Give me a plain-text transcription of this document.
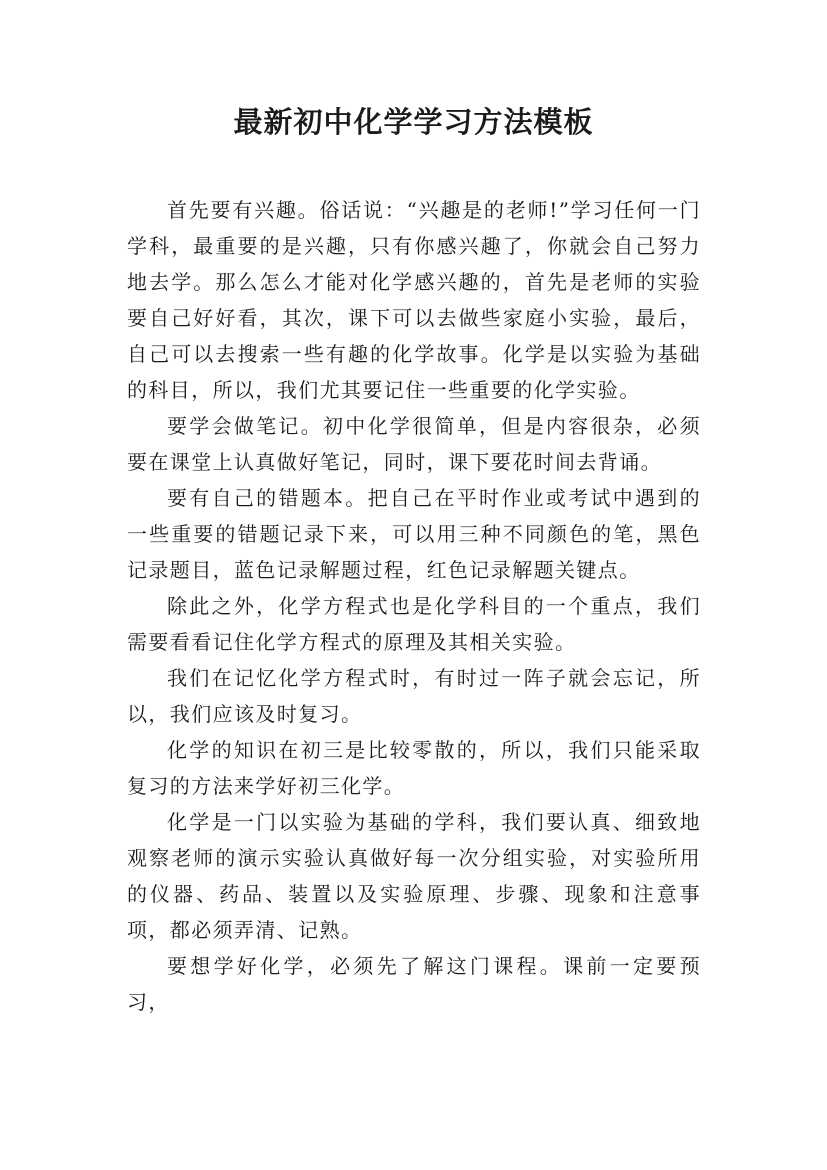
最新初中化学学习方法模板

首先要有兴趣。俗话说：“兴趣是的老师!”学习任何一门学科，最重要的是兴趣，只有你感兴趣了，你就会自己努力地去学。那么怎么才能对化学感兴趣的，首先是老师的实验要自己好好看，其次，课下可以去做些家庭小实验，最后，自己可以去搜索一些有趣的化学故事。化学是以实验为基础的科目，所以，我们尤其要记住一些重要的化学实验。

要学会做笔记。初中化学很简单，但是内容很杂，必须要在课堂上认真做好笔记，同时，课下要花时间去背诵。

要有自己的错题本。把自己在平时作业或考试中遇到的一些重要的错题记录下来，可以用三种不同颜色的笔，黑色记录题目，蓝色记录解题过程，红色记录解题关键点。

除此之外，化学方程式也是化学科目的一个重点，我们需要看看记住化学方程式的原理及其相关实验。

我们在记忆化学方程式时，有时过一阵子就会忘记，所以，我们应该及时复习。

化学的知识在初三是比较零散的，所以，我们只能采取复习的方法来学好初三化学。

化学是一门以实验为基础的学科，我们要认真、细致地观察老师的演示实验认真做好每一次分组实验，对实验所用的仪器、药品、装置以及实验原理、步骤、现象和注意事项，都必须弄清、记熟。

要想学好化学，必须先了解这门课程。课前一定要预习，
